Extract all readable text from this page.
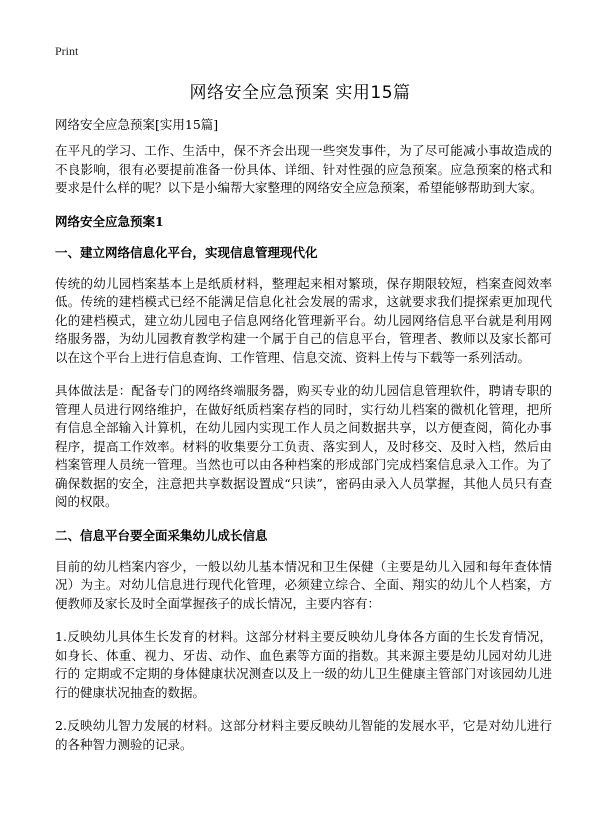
Print
网络安全应急预案 实用15篇

网络安全应急预案[实用15篇]

在平凡的学习、工作、生活中，保不齐会出现一些突发事件，为了尽可能减小事故造成的不良影响，很有必要提前准备一份具体、详细、针对性强的应急预案。应急预案的格式和要求是什么样的呢？以下是小编帮大家整理的网络安全应急预案，希望能够帮助到大家。

网络安全应急预案1

一、建立网络信息化平台，实现信息管理现代化

传统的幼儿园档案基本上是纸质材料，整理起来相对繁琐，保存期限较短，档案查阅效率低。传统的建档模式已经不能满足信息化社会发展的需求，这就要求我们提探索更加现代化的建档模式，建立幼儿园电子信息网络化管理新平台。幼儿园网络信息平台就是利用网络服务器，为幼儿园教育教学构建一个属于自己的信息平台，管理者、教师以及家长都可以在这个平台上进行信息查询、工作管理、信息交流、资料上传与下载等一系列活动。

具体做法是：配备专门的网络终端服务器，购买专业的幼儿园信息管理软件，聘请专职的管理人员进行网络维护，在做好纸质档案存档的同时，实行幼儿档案的微机化管理，把所有信息全部输入计算机，在幼儿园内实现工作人员之间数据共享，以方便查阅，简化办事程序，提高工作效率。材料的收集要分工负责、落实到人，及时移交、及时入档，然后由档案管理人员统一管理。当然也可以由各种档案的形成部门完成档案信息录入工作。为了确保数据的安全，注意把共享数据设置成“只读”，密码由录入人员掌握，其他人员只有查阅的权限。

二、信息平台要全面采集幼儿成长信息

目前的幼儿档案内容少，一般以幼儿基本情况和卫生保健（主要是幼儿入园和每年查体情况）为主。对幼儿信息进行现代化管理，必须建立综合、全面、翔实的幼儿个人档案，方便教师及家长及时全面掌握孩子的成长情况，主要内容有：

1.反映幼儿具体生长发育的材料。这部分材料主要反映幼儿身体各方面的生长发育情况，如身长、体重、视力、牙齿、动作、血色素等方面的指数。其来源主要是幼儿园对幼儿进行的 定期或不定期的身体健康状况测查以及上一级的幼儿卫生健康主管部门对该园幼儿进行的健康状况抽查的数据。

2.反映幼儿智力发展的材料。这部分材料主要反映幼儿智能的发展水平，它是对幼儿进行的各种智力测验的记录。
